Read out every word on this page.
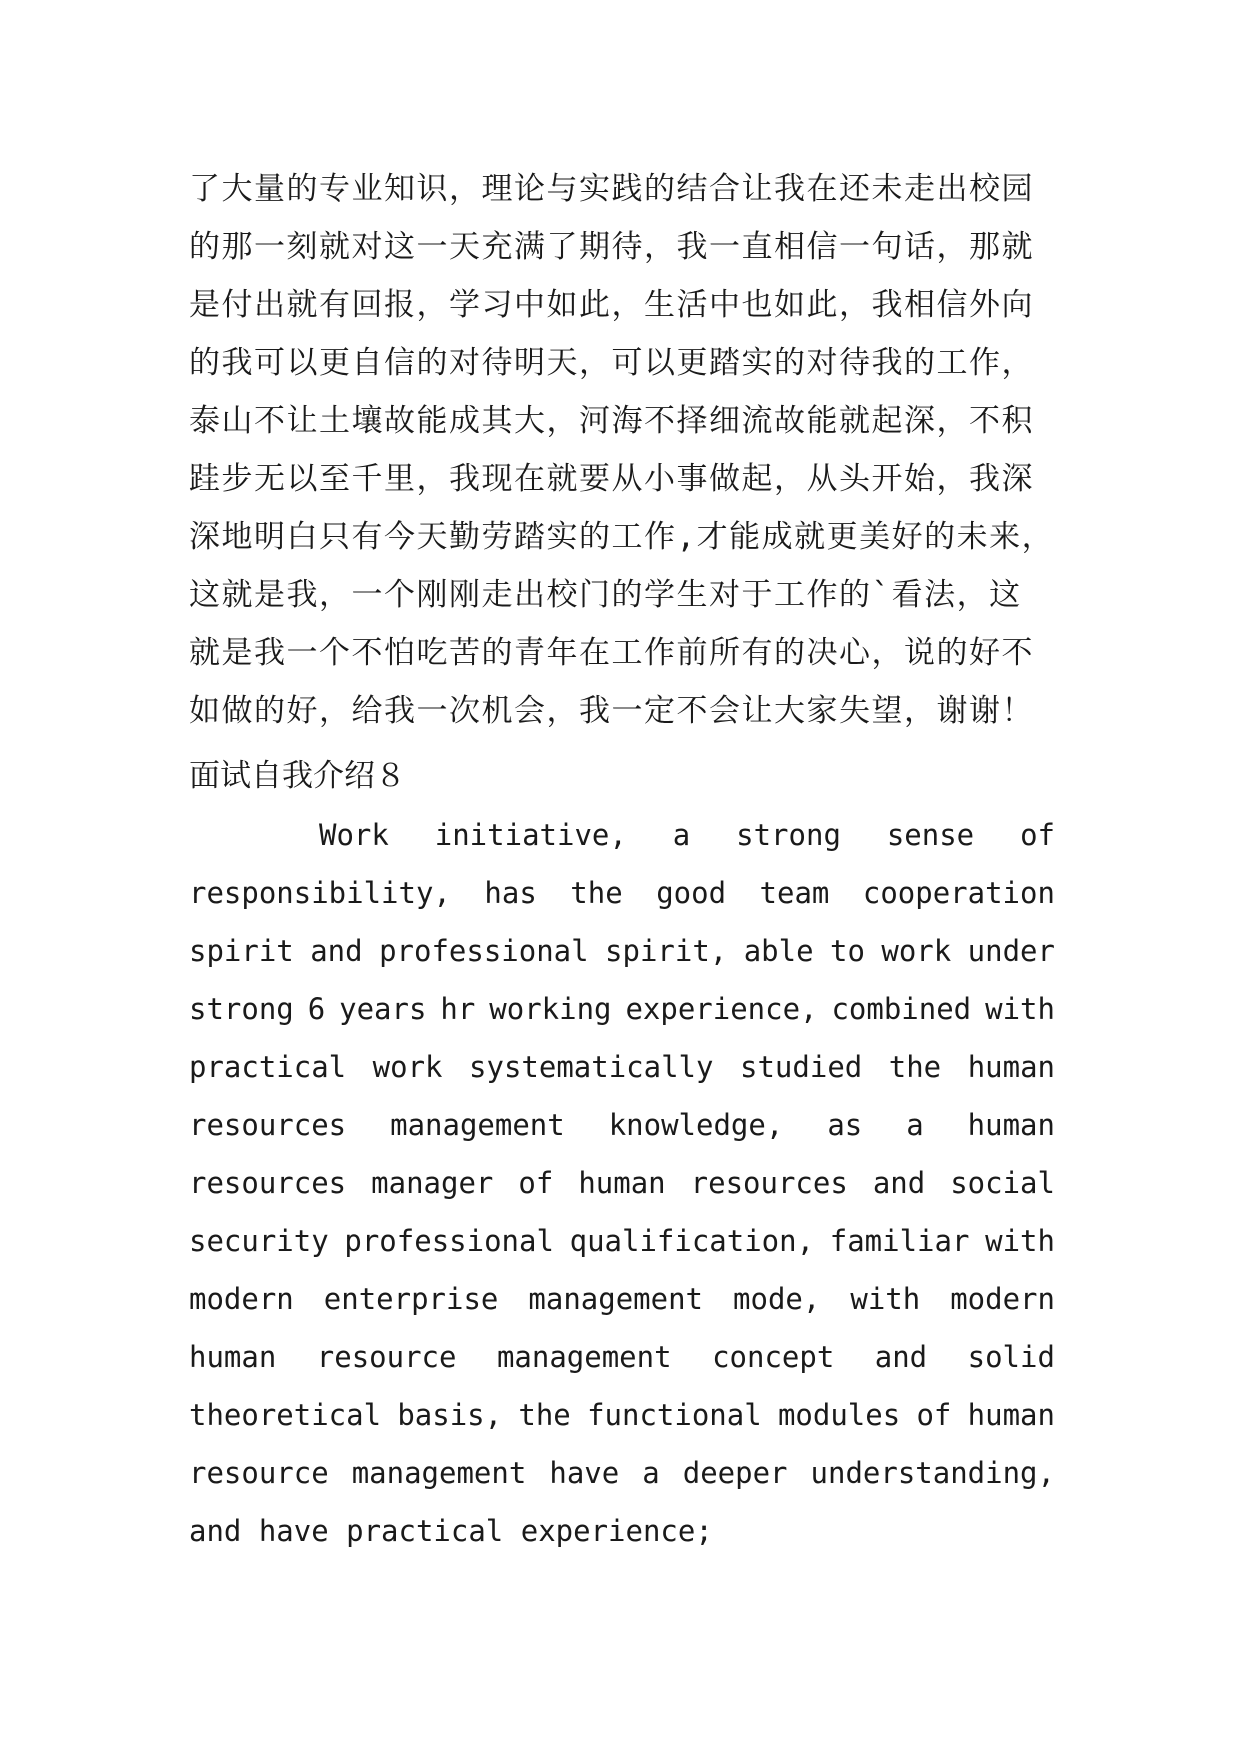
了大量的专业知识，理论与实践的结合让我在还未走出校园
的那一刻就对这一天充满了期待，我一直相信一句话，那就
是付出就有回报，学习中如此，生活中也如此，我相信外向
的我可以更自信的对待明天，可以更踏实的对待我的工作，
泰山不让土壤故能成其大，河海不择细流故能就起深，不积
跬步无以至千里，我现在就要从小事做起，从头开始，我深
深地明白只有今天勤劳踏实的工作,才能成就更美好的未来，
这就是我，一个刚刚走出校门的学生对于工作的`看法，这
就是我一个不怕吃苦的青年在工作前所有的决心，说的好不
如做的好，给我一次机会，我一定不会让大家失望，谢谢！
面试自我介绍８
Work initiative, a strong sense of
responsibility, has the good team cooperation
spirit and professional spirit, able to work under
strong 6 years hr working experience, combined with
practical work systematically studied the human
resources management knowledge, as a human
resources manager of human resources and social
security professional qualification, familiar with
modern enterprise management mode, with modern
human resource management concept and solid
theoretical basis, the functional modules of human
resource management have a deeper understanding,
and have practical experience;
